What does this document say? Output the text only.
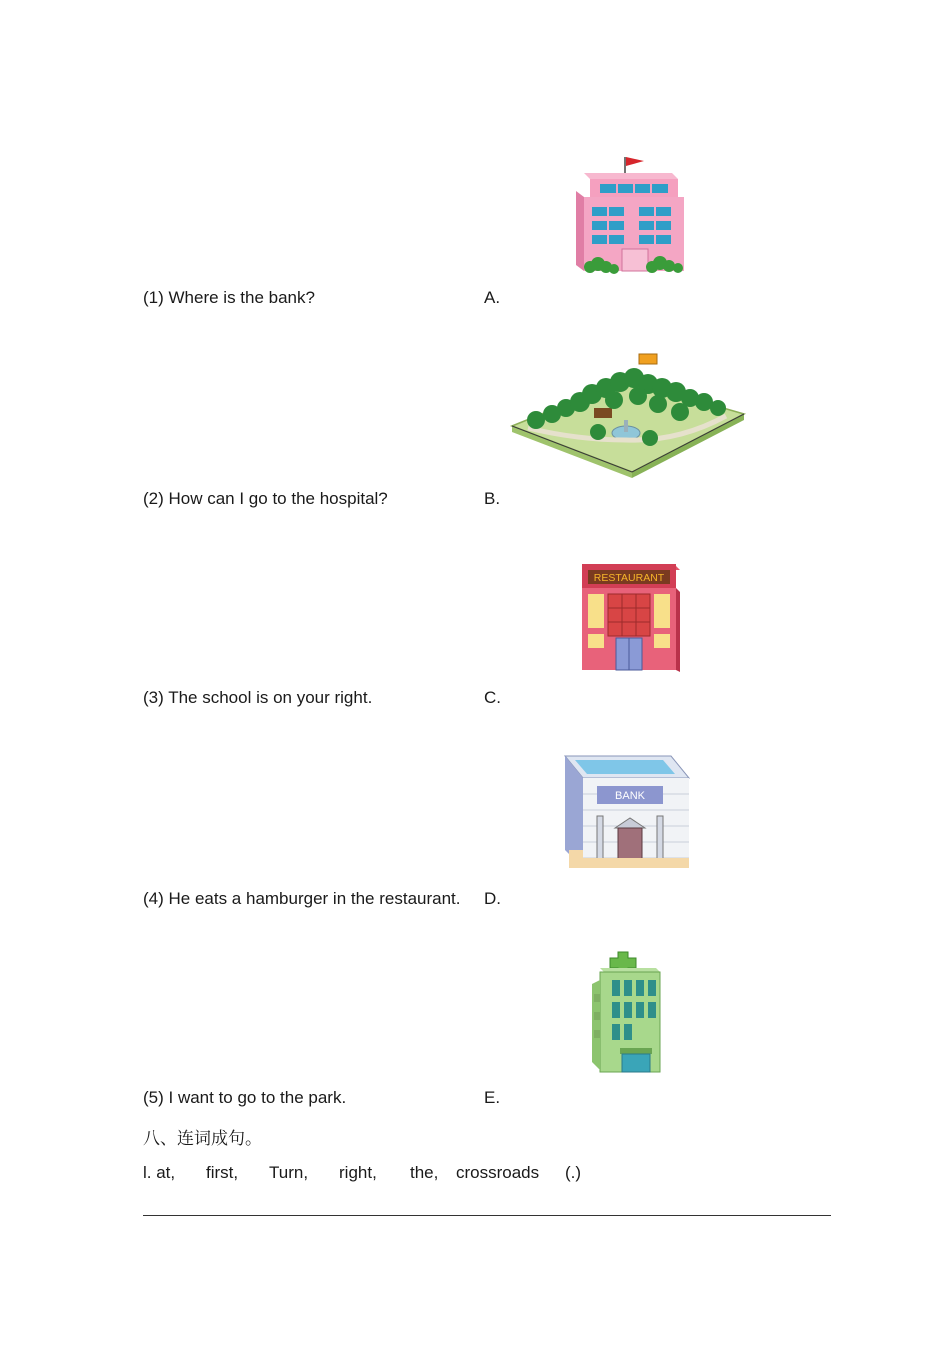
(1) Where is the bank?	A.
(2) How can I go to the hospital?	B.
RESTAURANT
(3) The school is on your right.	C.
BANK
(4) He eats a hamburger in the restaurant. D.
(5) I want to go to the park.	E.
八、连词成句。
l. at, first, Turn, right, the, crossroads (.)
